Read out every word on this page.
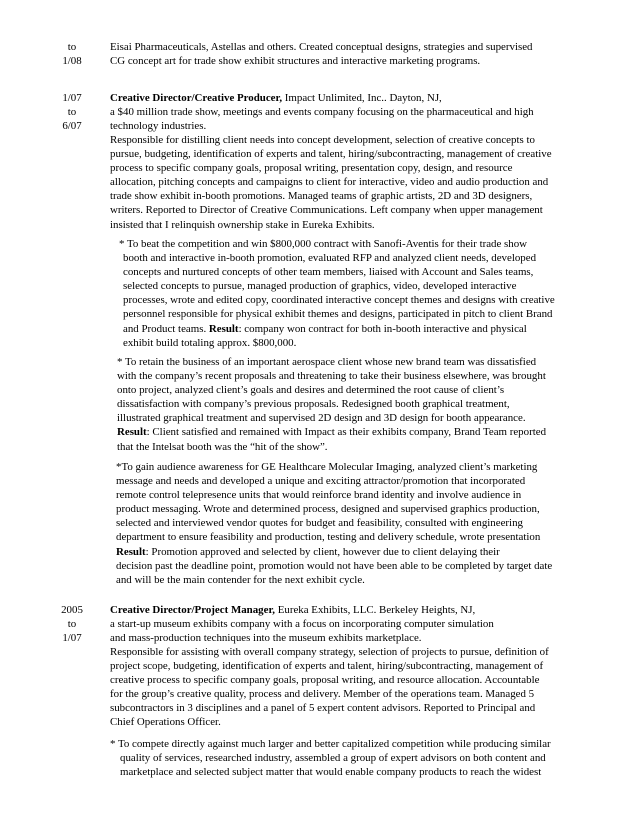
to
1/08
Eisai Pharmaceuticals, Astellas and others. Created conceptual designs, strategies and supervised
CG concept art for trade show exhibit structures and interactive marketing programs.
1/07
to
6/07
Creative Director/Creative Producer, Impact Unlimited, Inc.. Dayton, NJ,
a $40 million trade show, meetings and events company focusing on the pharmaceutical and high
technology industries.
Responsible for distilling client needs into concept development, selection of creative concepts to
pursue, budgeting, identification of experts and talent, hiring/subcontracting, management of creative
process to specific company goals, proposal writing, presentation copy, design, and resource
allocation, pitching concepts and campaigns to client for interactive, video and audio production and
trade show exhibit in-booth promotions. Managed teams of graphic artists, 2D and 3D designers,
writers. Reported to Director of Creative Communications. Left company when upper management
insisted that I relinquish ownership stake in Eureka Exhibits.
* To beat the competition and win $800,000 contract with Sanofi-Aventis for their trade show
booth and interactive in-booth promotion, evaluated RFP and analyzed client needs, developed
concepts and nurtured concepts of other team members, liaised with Account and Sales teams,
selected concepts to pursue, managed production of graphics, video, developed interactive
processes, wrote and edited copy, coordinated interactive concept themes and designs with creative
personnel responsible for physical exhibit themes and designs, participated in pitch to client Brand
and Product teams. Result: company won contract for both in-booth interactive and physical
exhibit build totaling approx. $800,000.
* To retain the business of an important aerospace client whose new brand team was dissatisfied
with the company’s recent proposals and threatening to take their business elsewhere, was brought
onto project, analyzed client’s goals and desires and determined the root cause of client’s
dissatisfaction with company’s previous proposals. Redesigned booth graphical treatment,
illustrated graphical treatment and supervised 2D design and 3D design for booth appearance.
Result: Client satisfied and remained with Impact as their exhibits company, Brand Team reported
that the Intelsat booth was the “hit of the show”.
*To gain audience awareness for GE Healthcare Molecular Imaging, analyzed client’s marketing
message and needs and developed a unique and exciting attractor/promotion that incorporated
remote control telepresence units that would reinforce brand identity and involve audience in
product messaging. Wrote and determined process, designed and supervised graphics production,
selected and interviewed vendor quotes for budget and feasibility, consulted with engineering
department to ensure feasibility and production, testing and delivery schedule, wrote presentation
Result: Promotion approved and selected by client, however due to client delaying their
decision past the deadline point, promotion would not have been able to be completed by target date
and will be the main contender for the next exhibit cycle.
2005
to
1/07
Creative Director/Project Manager, Eureka Exhibits, LLC. Berkeley Heights, NJ,
a start-up museum exhibits company with a focus on incorporating computer simulation
and mass-production techniques into the museum exhibits marketplace.
Responsible for assisting with overall company strategy, selection of projects to pursue, definition of
project scope, budgeting, identification of experts and talent, hiring/subcontracting, management of
creative process to specific company goals, proposal writing, and resource allocation. Accountable
for the group’s creative quality, process and delivery. Member of the operations team. Managed 5
subcontractors in 3 disciplines and a panel of 5 expert content advisors. Reported to Principal and
Chief Operations Officer.
* To compete directly against much larger and better capitalized competition while producing similar
quality of services, researched industry, assembled a group of expert advisors on both content and
marketplace and selected subject matter that would enable company products to reach the widest
